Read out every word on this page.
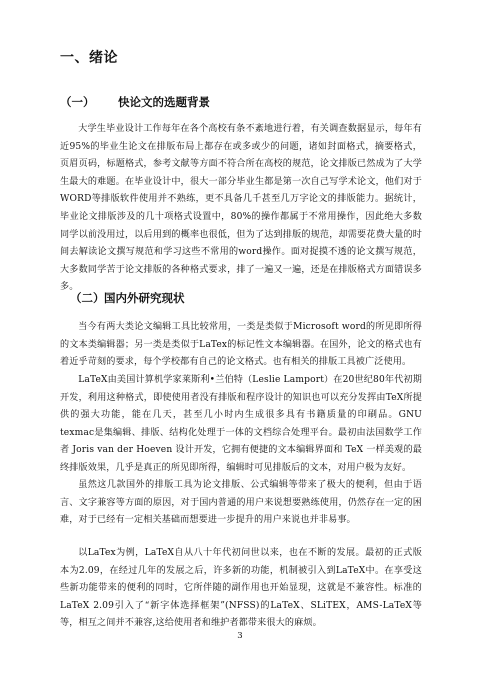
一、绪论
（一） 快论文的选题背景

大学生毕业设计工作每年在各个高校有条不紊地进行着，有关调查数据显示，每年有近95%的毕业生论文在排版布局上都存在或多或少的问题，诸如封面格式，摘要格式，页眉页码，标题格式，参考文献等方面不符合所在高校的规范，论文排版已然成为了大学生最大的难题。在毕业设计中，很大一部分毕业生都是第一次自己写学术论文，他们对于WORD等排版软件使用并不熟练，更不具备几千甚至几万字论文的排版能力。据统计，毕业论文排版涉及的几十项格式设置中，80%的操作都属于不常用操作，因此绝大多数同学以前没用过，以后用到的概率也很低，但为了达到排版的规范，却需要花费大量的时间去解读论文撰写规范和学习这些不常用的word操作。面对捉摸不透的论文撰写规范，大多数同学苦于论文排版的各种格式要求，排了一遍又一遍，还是在排版格式方面错误多多。

（二）国内外研究现状

当今有两大类论文编辑工具比较常用，一类是类似于Microsoft word的所见即所得的文本类编辑器；另一类是类似于LaTex的标记性文本编辑器。在国外，论文的格式也有着近乎苛刻的要求，每个学校都有自己的论文格式。也有相关的排版工具被广泛使用。

LaTeX由美国计算机学家莱斯利•兰伯特（Leslie Lamport）在20世纪80年代初期开发，利用这种格式，即使使用者没有排版和程序设计的知识也可以充分发挥由TeX所提供的强大功能，能在几天，甚至几小时内生成很多具有书籍质量的印刷品。GNU texmac是集编辑、排版、结构化处理于一体的文档综合处理平台。最初由法国数学工作者 Joris van der Hoeven 设计开发，它拥有便捷的文本编辑界面和 TeX 一样美观的最终排版效果，几乎是真正的所见即所得，编辑时可见排版后的文本，对用户极为友好。

虽然这几款国外的排版工具为论文排版、公式编辑等带来了极大的便利，但由于语言、文字兼容等方面的原因，对于国内普通的用户来说想要熟练使用，仍然存在一定的困难，对于已经有一定相关基础而想要进一步提升的用户来说也并非易事。

以LaTex为例，LaTeX自从八十年代初问世以来，也在不断的发展。最初的正式版本为2.09，在经过几年的发展之后，许多新的功能，机制被引入到LaTeX中。在享受这些新功能带来的便利的同时，它所伴随的副作用也开始显现，这就是不兼容性。标准的LaTeX 2.09引入了“新字体选择框架”(NFSS)的LaTeX、SLiTEX，AMS-LaTeX等等，相互之间并不兼容,这给使用者和维护者都带来很大的麻烦。

3
